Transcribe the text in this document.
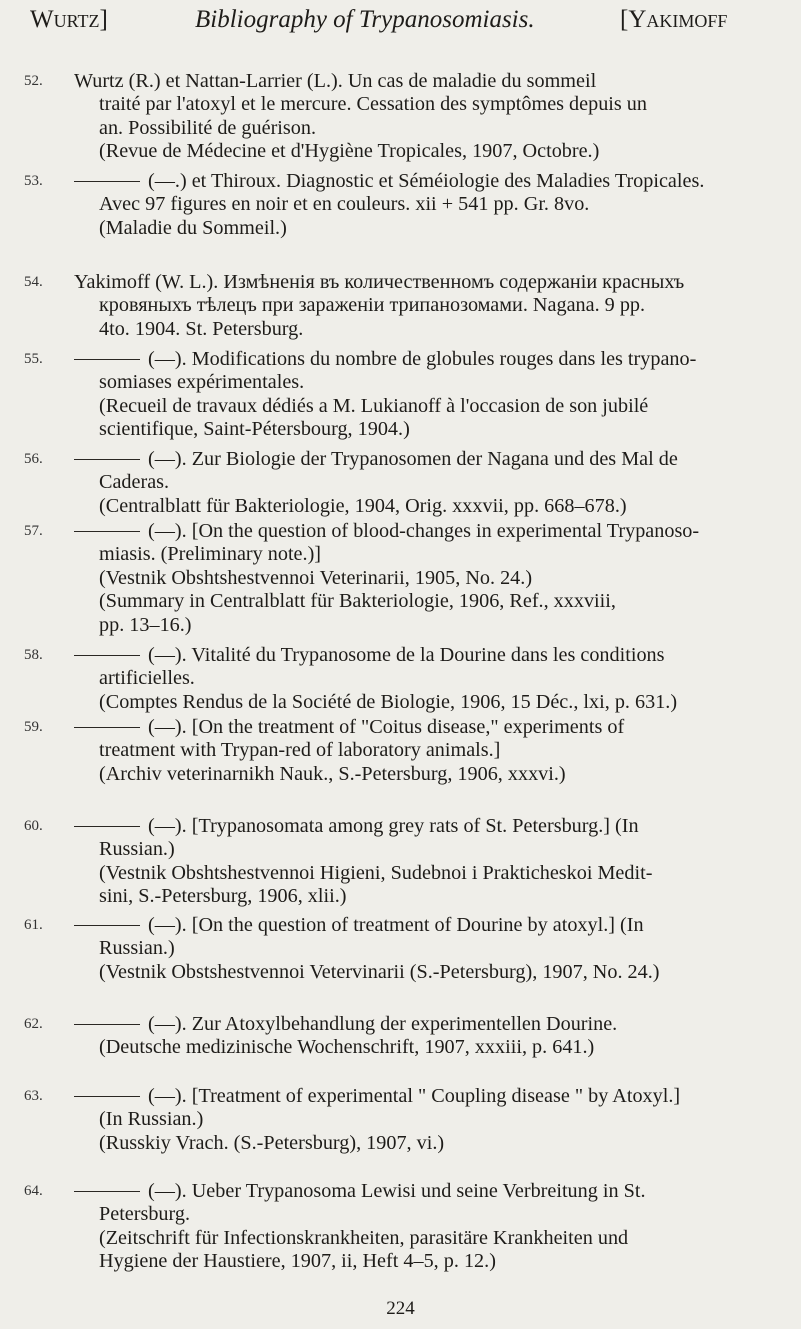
Wurtz]	Bibliography of Trypanosomiasis.	[Yakimoff
52.	Wurtz (R.) et Nattan-Larrier (L.). Un cas de maladie du sommeil
traité par l'atoxyl et le mercure. Cessation des symptômes depuis un
an. Possibilité de guérison.
(Revue de Médecine et d'Hygiène Tropicales, 1907, Octobre.)
53.	(—.) et Thiroux. Diagnostic et Séméiologie des Maladies Tropicales.
Avec 97 figures en noir et en couleurs. xii + 541 pp. Gr. 8vo.
(Maladie du Sommeil.)
54.	Yakimoff (W. L.). Измѣненія въ количественномъ содержаніи красныхъ
кровяныхъ тѣлецъ при зараженіи трипанозомами. Nagana. 9 pp.
4to. 1904. St. Petersburg.
55.	(—). Modifications du nombre de globules rouges dans les trypano-
somiases expérimentales.
(Recueil de travaux dédiés a M. Lukianoff à l'occasion de son jubilé
scientifique, Saint-Pétersbourg, 1904.)
56.	(—). Zur Biologie der Trypanosomen der Nagana und des Mal de
Caderas.
(Centralblatt für Bakteriologie, 1904, Orig. xxxvii, pp. 668–678.)
57.	(—). [On the question of blood-changes in experimental Trypanoso-
miasis. (Preliminary note.)]
(Vestnik Obshtshestvennoi Veterinarii, 1905, No. 24.)
(Summary in Centralblatt für Bakteriologie, 1906, Ref., xxxviii,
pp. 13–16.)
58.	(—). Vitalité du Trypanosome de la Dourine dans les conditions
artificielles.
(Comptes Rendus de la Société de Biologie, 1906, 15 Déc., lxi, p. 631.)
59.	(—). [On the treatment of "Coitus disease," experiments of
treatment with Trypan-red of laboratory animals.]
(Archiv veterinarnikh Nauk., S.-Petersburg, 1906, xxxvi.)
60.	(—). [Trypanosomata among grey rats of St. Petersburg.] (In
Russian.)
(Vestnik Obshtshestvennoi Higieni, Sudebnoi i Prakticheskoi Medit-
sini, S.-Petersburg, 1906, xlii.)
61.	(—). [On the question of treatment of Dourine by atoxyl.] (In
Russian.)
(Vestnik Obstshestvennoi Vetervinarii (S.-Petersburg), 1907, No. 24.)
62.	(—). Zur Atoxylbehandlung der experimentellen Dourine.
(Deutsche medizinische Wochenschrift, 1907, xxxiii, p. 641.)
63.	(—). [Treatment of experimental " Coupling disease " by Atoxyl.]
(In Russian.)
(Russkiy Vrach. (S.-Petersburg), 1907, vi.)
64.	(—). Ueber Trypanosoma Lewisi und seine Verbreitung in St.
Petersburg.
(Zeitschrift für Infectionskrankheiten, parasitäre Krankheiten und
Hygiene der Haustiere, 1907, ii, Heft 4–5, p. 12.)
224
